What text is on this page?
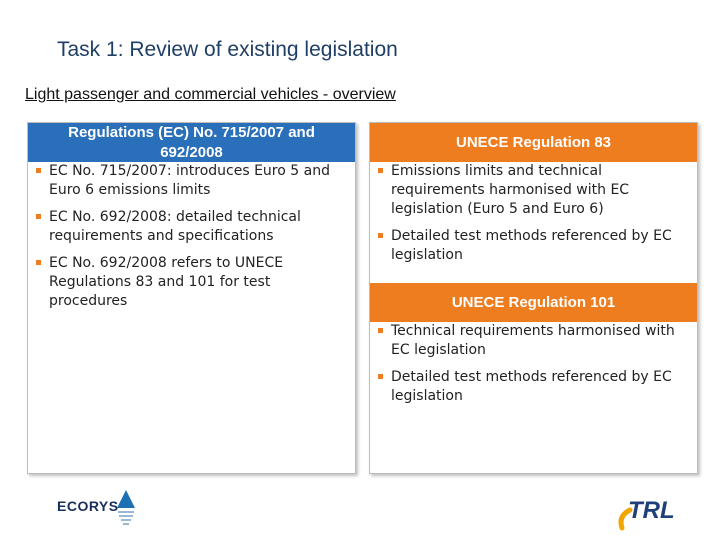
Task 1: Review of existing legislation
Light passenger and commercial vehicles - overview
Regulations (EC) No. 715/2007 and 692/2008
EC No. 715/2007: introduces Euro 5 and Euro 6 emissions limits
EC No. 692/2008: detailed technical requirements and specifications
EC No. 692/2008 refers to UNECE Regulations 83 and 101 for test procedures
UNECE Regulation 83
Emissions limits and technical requirements harmonised with EC legislation (Euro 5 and Euro 6)
Detailed test methods referenced by EC legislation
UNECE Regulation 101
Technical requirements harmonised with EC legislation
Detailed test methods referenced by EC legislation
ECORYS	TRL
